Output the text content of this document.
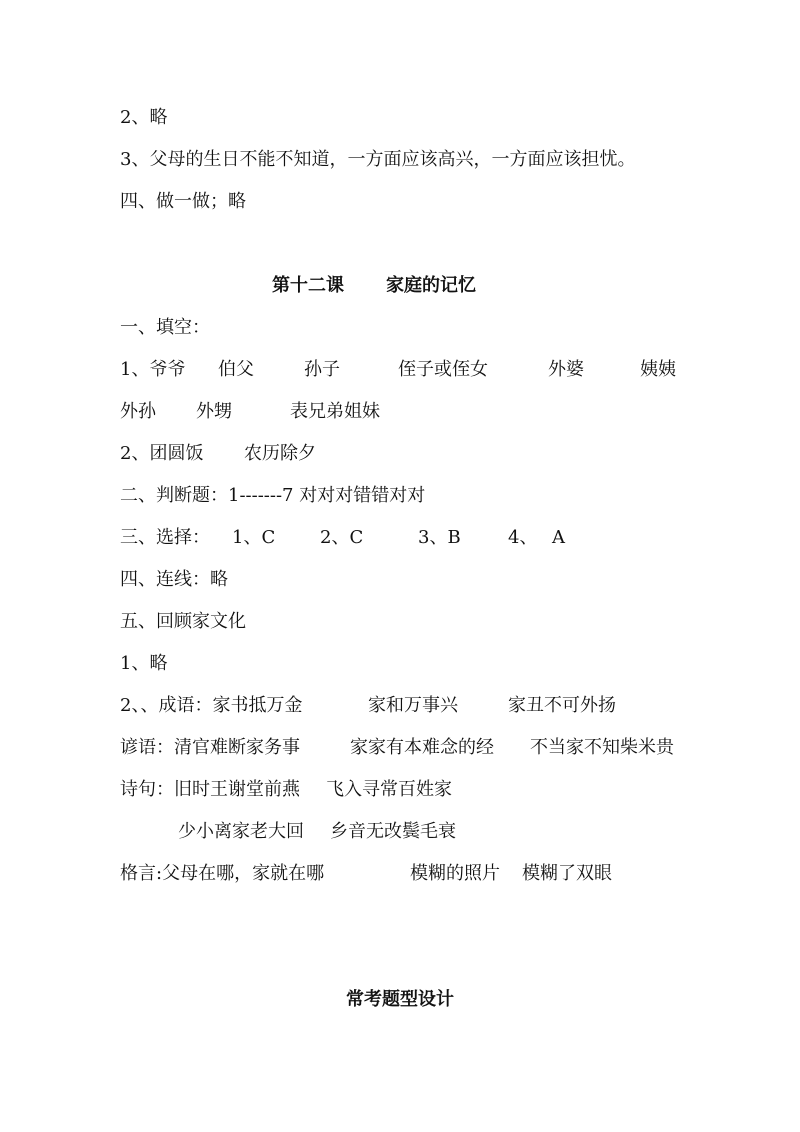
2、略
3、父母的生日不能不知道，一方面应该高兴，一方面应该担忧。
四、做一做；略
第十二课 家庭的记忆
一、填空：
1、爷爷 伯父	孙子	侄子或侄女	外婆	姨姨
外孙 外甥	表兄弟姐妹
2、团圆饭 农历除夕
二、判断题：1-------7 对对对错错对对
三、选择： 1、C 2、C	3、B	4、 A
四、连线：略
五、回顾家文化
1、略
2、、成语：家书抵万金	家和万事兴	家丑不可外扬
谚语：清官难断家务事	家家有本难念的经 不当家不知柴米贵
诗句：旧时王谢堂前燕 飞入寻常百姓家
少小离家老大回 乡音无改鬓毛衰
格言:父母在哪，家就在哪	模糊的照片 模糊了双眼
常考题型设计
